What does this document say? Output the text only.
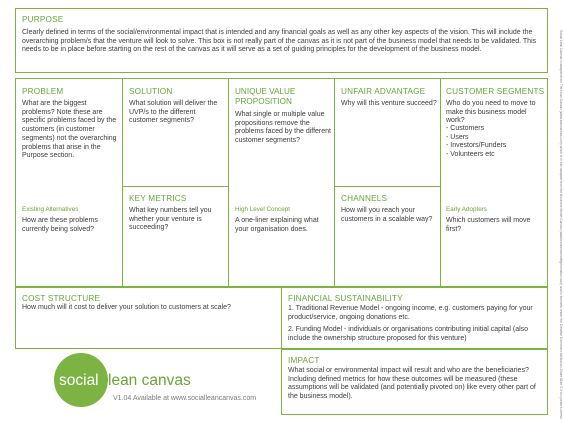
PURPOSE
Clearly defined in terms of the social/environmental impact that is intended and any financial goals as well as any other key aspects of the vision. This will include the overarching problem/s that the venture will look to solve. This box is not really part of the canvas as it is not part of the business model that needs to be validated. This needs to be in place before starting on the rest of the canvas as it will serve as a set of guiding principles for the development of the business model.
PROBLEM
What are the biggest problems? Note these are specific problems faced by the customers (in customer segments) not the overarching problems that arise in the Purpose section.
Existing Alternatives
How are these problems currently being solved?
SOLUTION
What solution will deliver the UVP/s to the different customer segments?
KEY METRICS
What key numbers tell you whether your venture is succeeding?
UNIQUE VALUE
PROPOSITION
What single or multiple value propositions remove the problems faced by the different customer segments?
High Level Concept
A one-liner explaining what your organisation does.
UNFAIR ADVANTAGE
Why will this venture succeed?
CHANNELS
How will you reach your customers in a scalable way?
CUSTOMER SEGMENTS
Who do you need to move to make this business model work?
- Customers
- Users
- Investors/Funders
- Volunteers etc
Early Adopters
Which customers will move first?
COST STRUCTURE
How much will it cost to deliver your solution to customers at scale?
FINANCIAL SUSTAINABILITY
1. Traditional Revenue Model - ongoing income, e.g. customers paying for your product/service, ongoing donations etc.
2. Funding Model - individuals or organisations contributing initial capital (also include the ownership structure proposed for this venture)
IMPACT
What social or environmental impact will result and who are the beneficiaries? Including defined metrics for how these outcomes will be measured (these assumptions will be validated (and potentially pivoted on) like every other part of the business model).
social lean canvas
V1.04 Available at www.socialleancanvas.com	Social Lean Canvas is adapted from The Lean Canvas (www.leancanvas.com) which is in turn adapted from the Business Model Canvas (www.businessmodelgeneration.com) and is licensed under the Creative Commons Attribution-Share Alike 3.0 Un-ported License.
